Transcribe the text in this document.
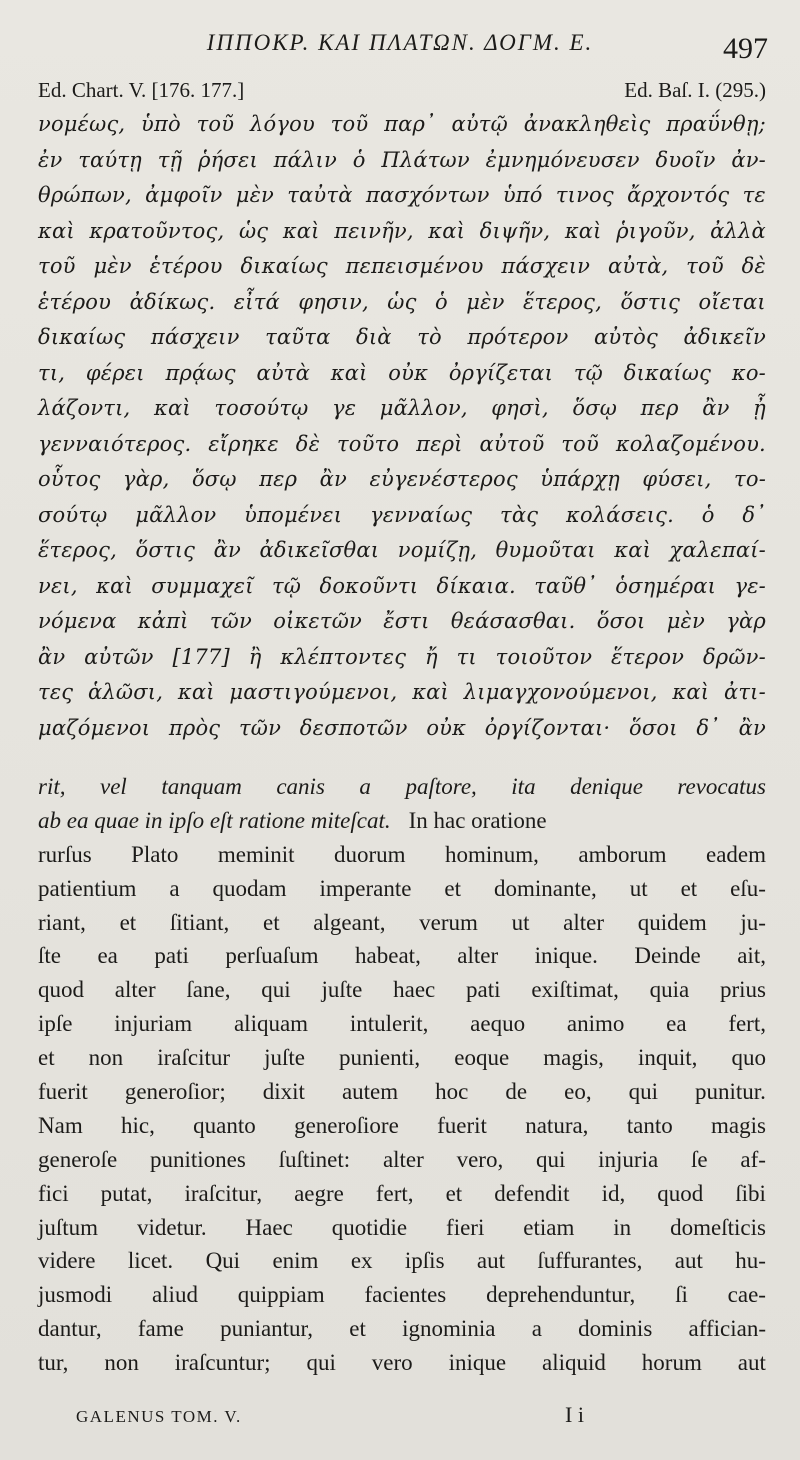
ΙΠΠΟΚΡ. ΚΑΙ ΠΛΑΤΩΝ. ΔΟΓΜ. Ε.	497
Ed. Chart. V. [176. 177.]	Ed. Baſ. I. (295.)
νομέως, ὑπὸ τοῦ λόγου τοῦ παρ᾽ αὐτῷ ἀνακληθεὶς πραΰνθῃ;
ἐν ταύτῃ τῇ ῥήσει πάλιν ὁ Πλάτων ἐμνημόνευσεν δυοῖν ἀν-
θρώπων, ἀμφοῖν μὲν ταὐτὰ πασχόντων ὑπό τινος ἄρχοντός τε
καὶ κρατοῦντος, ὡς καὶ πεινῆν, καὶ διψῆν, καὶ ῥιγοῦν, ἀλλὰ
τοῦ μὲν ἑτέρου δικαίως πεπεισμένου πάσχειν αὐτὰ, τοῦ δὲ
ἑτέρου ἀδίκως. εἶτά φησιν, ὡς ὁ μὲν ἕτερος, ὅστις οἴεται
δικαίως πάσχειν ταῦτα διὰ τὸ πρότερον αὐτὸς ἀδικεῖν
τι, φέρει πρᾴως αὐτὰ καὶ οὐκ ὀργίζεται τῷ δικαίως κο-
λάζοντι, καὶ τοσούτῳ γε μᾶλλον, φησὶ, ὅσῳ περ ἂν ᾖ
γενναιότερος. εἴρηκε δὲ τοῦτο περὶ αὐτοῦ τοῦ κολαζομένου.
οὗτος γὰρ, ὅσῳ περ ἂν εὐγενέστερος ὑπάρχῃ φύσει, το-
σούτῳ μᾶλλον ὑπομένει γενναίως τὰς κολάσεις. ὁ δ᾽
ἕτερος, ὅστις ἂν ἀδικεῖσθαι νομίζῃ, θυμοῦται καὶ χαλεπαί-
νει, καὶ συμμαχεῖ τῷ δοκοῦντι δίκαια. ταῦθ᾽ ὁσημέραι γε-
νόμενα κἀπὶ τῶν οἰκετῶν ἔστι θεάσασθαι. ὅσοι μὲν γὰρ
ἂν αὐτῶν [177] ἢ κλέπτοντες ἤ τι τοιοῦτον ἕτερον δρῶν-
τες ἁλῶσι, καὶ μαστιγούμενοι, καὶ λιμαγχονούμενοι, καὶ ἀτι-
μαζόμενοι πρὸς τῶν δεσποτῶν οὐκ ὀργίζονται· ὅσοι δ᾽ ἂν
rit, vel tanquam canis a paſtore, ita denique revocatus
ab ea quae in ipſo eſt ratione miteſcat. In hac oratione
rurſus Plato meminit duorum hominum, amborum eadem
patientium a quodam imperante et dominante, ut et eſu-
riant, et ſitiant, et algeant, verum ut alter quidem ju-
ſte ea pati perſuaſum habeat, alter inique. Deinde ait,
quod alter ſane, qui juſte haec pati exiſtimat, quia prius
ipſe injuriam aliquam intulerit, aequo animo ea fert,
et non iraſcitur juſte punienti, eoque magis, inquit, quo
fuerit generoſior; dixit autem hoc de eo, qui punitur.
Nam hic, quanto generoſiore fuerit natura, tanto magis
generoſe punitiones ſuſtinet: alter vero, qui injuria ſe af-
fici putat, iraſcitur, aegre fert, et defendit id, quod ſibi
juſtum videtur. Haec quotidie fieri etiam in domeſticis
videre licet. Qui enim ex ipſis aut ſuffurantes, aut hu-
jusmodi aliud quippiam facientes deprehenduntur, ſi cae-
dantur, fame puniantur, et ignominia a dominis affician-
tur, non iraſcuntur; qui vero inique aliquid horum aut
GALENUS TOM. V.	I i
